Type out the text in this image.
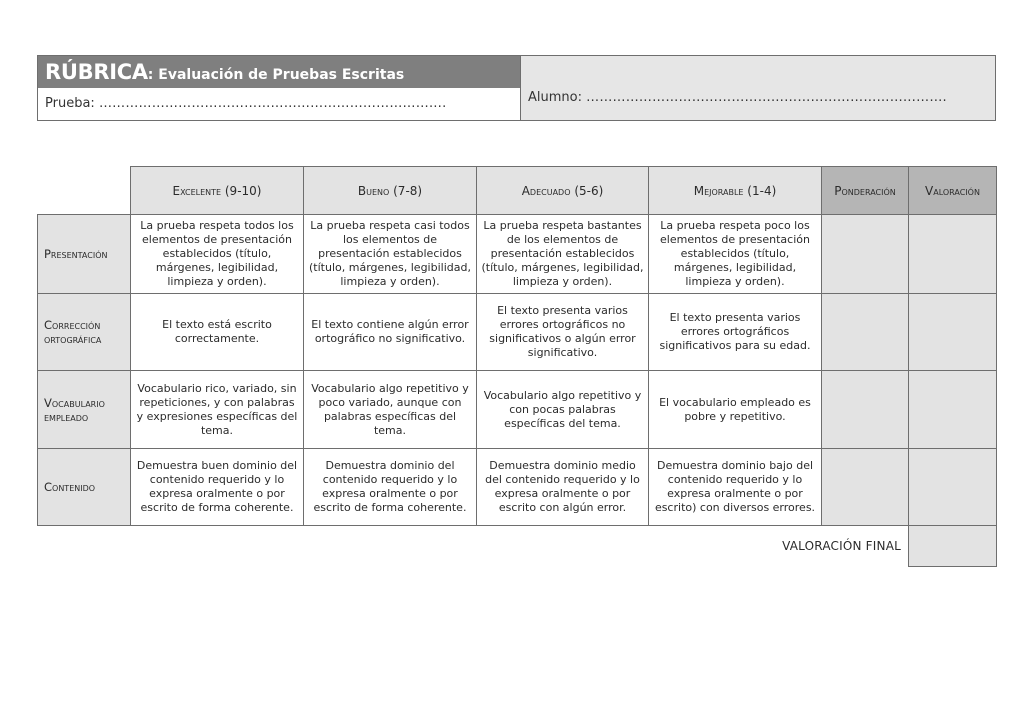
RÚBRICA: Evaluación de Pruebas Escritas
Prueba: …………………………………………………………………….	Alumno: ……………………………………………………………………….
	Excelente (9-10)	Bueno (7-8)	Adecuado (5-6)	Mejorable (1-4)	Ponderación	Valoración
Presentación	La prueba respeta todos los elementos de presentación establecidos (título, márgenes, legibilidad, limpieza y orden).	La prueba respeta casi todos los elementos de presentación establecidos (título, márgenes, legibilidad, limpieza y orden).	La prueba respeta bastantes de los elementos de presentación establecidos (título, márgenes, legibilidad, limpieza y orden).	La prueba respeta poco los elementos de presentación establecidos (título, márgenes, legibilidad, limpieza y orden).		
Corrección ortográfica	El texto está escrito correctamente.	El texto contiene algún error ortográfico no significativo.	El texto presenta varios errores ortográficos no significativos o algún error significativo.	El texto presenta varios errores ortográficos significativos para su edad.		
Vocabulario empleado	Vocabulario rico, variado, sin repeticiones, y con palabras y expresiones específicas del tema.	Vocabulario algo repetitivo y poco variado, aunque con palabras específicas del tema.	Vocabulario algo repetitivo y con pocas palabras específicas del tema.	El vocabulario empleado es pobre y repetitivo.		
Contenido	Demuestra buen dominio del contenido requerido y lo expresa oralmente o por escrito de forma coherente.	Demuestra dominio del contenido requerido y lo expresa oralmente o por escrito de forma coherente.	Demuestra dominio medio del contenido requerido y lo expresa oralmente o por escrito con algún error.	Demuestra dominio bajo del contenido requerido y lo expresa oralmente o por escrito) con diversos errores.		
				VALORACIÓN FINAL		
